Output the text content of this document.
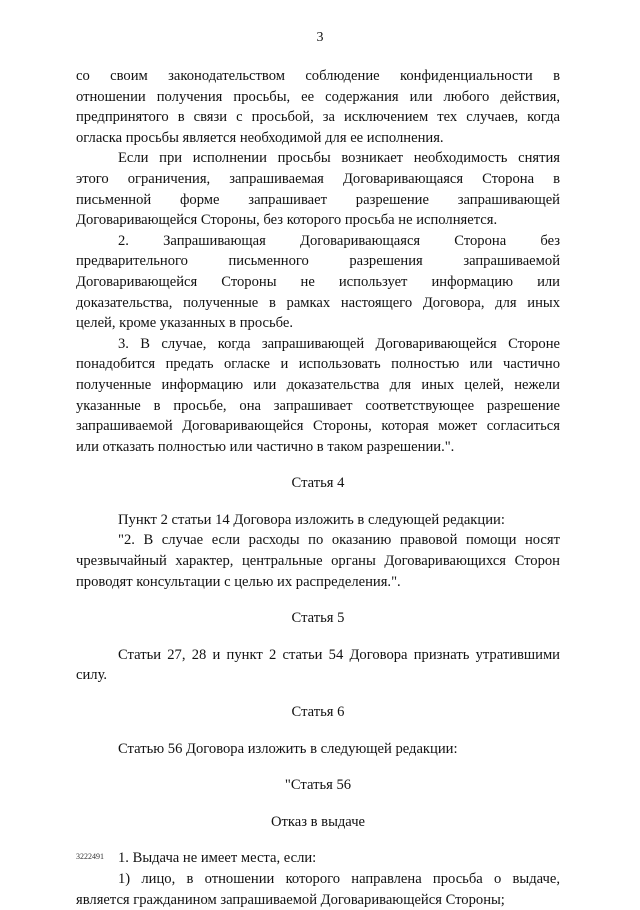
3

со своим законодательством соблюдение конфиденциальности в

отношении получения просьбы, ее содержания или любого действия,

предпринятого в связи с просьбой, за исключением тех случаев, когда

огласка просьбы является необходимой для ее исполнения.

Если при исполнении просьбы возникает необходимость снятия

этого ограничения, запрашиваемая Договаривающаяся Сторона в

письменной форме запрашивает разрешение запрашивающей

Договаривающейся Стороны, без которого просьба не исполняется.

2. Запрашивающая Договаривающаяся Сторона без

предварительного письменного разрешения запрашиваемой

Договаривающейся Стороны не использует информацию или

доказательства, полученные в рамках настоящего Договора, для иных

целей, кроме указанных в просьбе.

3. В случае, когда запрашивающей Договаривающейся Стороне

понадобится предать огласке и использовать полностью или частично

полученные информацию или доказательства для иных целей, нежели

указанные в просьбе, она запрашивает соответствующее разрешение

запрашиваемой Договаривающейся Стороны, которая может согласиться

или отказать полностью или частично в таком разрешении.".

Статья 4

Пункт 2 статьи 14 Договора изложить в следующей редакции:

"2. В случае если расходы по оказанию правовой помощи носят

чрезвычайный характер, центральные органы Договаривающихся Сторон

проводят консультации с целью их распределения.".

Статья 5

Статьи 27, 28 и пункт 2 статьи 54 Договора признать утратившими

силу.

Статья 6

Статью 56 Договора изложить в следующей редакции:

"Статья 56

Отказ в выдаче

1. Выдача не имеет места, если:

1) лицо, в отношении которого направлена просьба о выдаче,

является гражданином запрашиваемой Договаривающейся Стороны;

3222491
